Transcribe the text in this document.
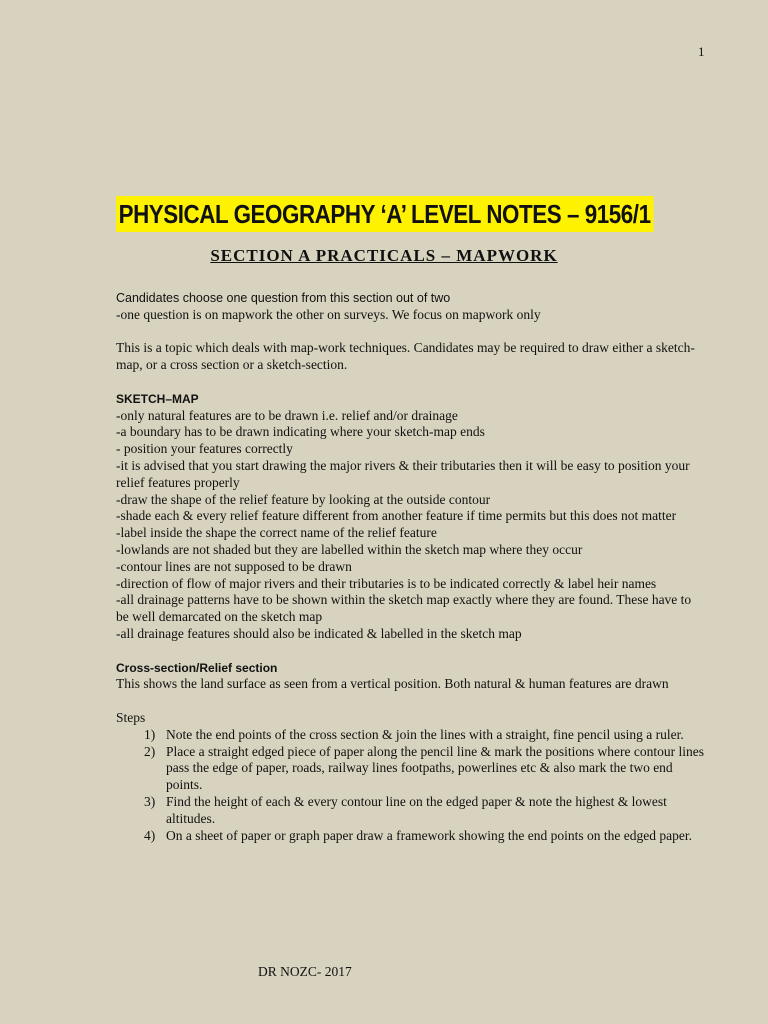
1
PHYSICAL GEOGRAPHY ‘A’ LEVEL NOTES – 9156/1
SECTION A PRACTICALS – MAPWORK

Candidates choose one question from this section out of two

-one question is on mapwork the other on surveys. We focus on mapwork only

This is a topic which deals with map-work techniques. Candidates may be required to draw either a sketch-map, or a cross section or a sketch-section.

SKETCH–MAP

-only natural features are to be drawn i.e. relief and/or drainage

-a boundary has to be drawn indicating where your sketch-map ends

- position your features correctly

-it is advised that you start drawing the major rivers & their tributaries then it will be easy to position your relief features properly

-draw the shape of the relief feature by looking at the outside contour

-shade each & every relief feature different from another feature if time permits but this does not matter

-label inside the shape the correct name of the relief feature

-lowlands are not shaded but they are labelled within the sketch map where they occur

-contour lines are not supposed to be drawn

-direction of flow of major rivers and their tributaries is to be indicated correctly & label heir names

-all drainage patterns have to be shown within the sketch map exactly where they are found. These have to be well demarcated on the sketch map

-all drainage features should also be indicated & labelled in the sketch map

Cross-section/Relief section

This shows the land surface as seen from a vertical position. Both natural & human features are drawn

Steps

1) Note the end points of the cross section & join the lines with a straight, fine pencil using a ruler.
2) Place a straight edged piece of paper along the pencil line & mark the positions where contour lines pass the edge of paper, roads, railway lines footpaths, powerlines etc & also mark the two end points.
3) Find the height of each & every contour line on the edged paper & note the highest & lowest altitudes.
4) On a sheet of paper or graph paper draw a framework showing the end points on the edged paper.
DR NOZC- 2017
